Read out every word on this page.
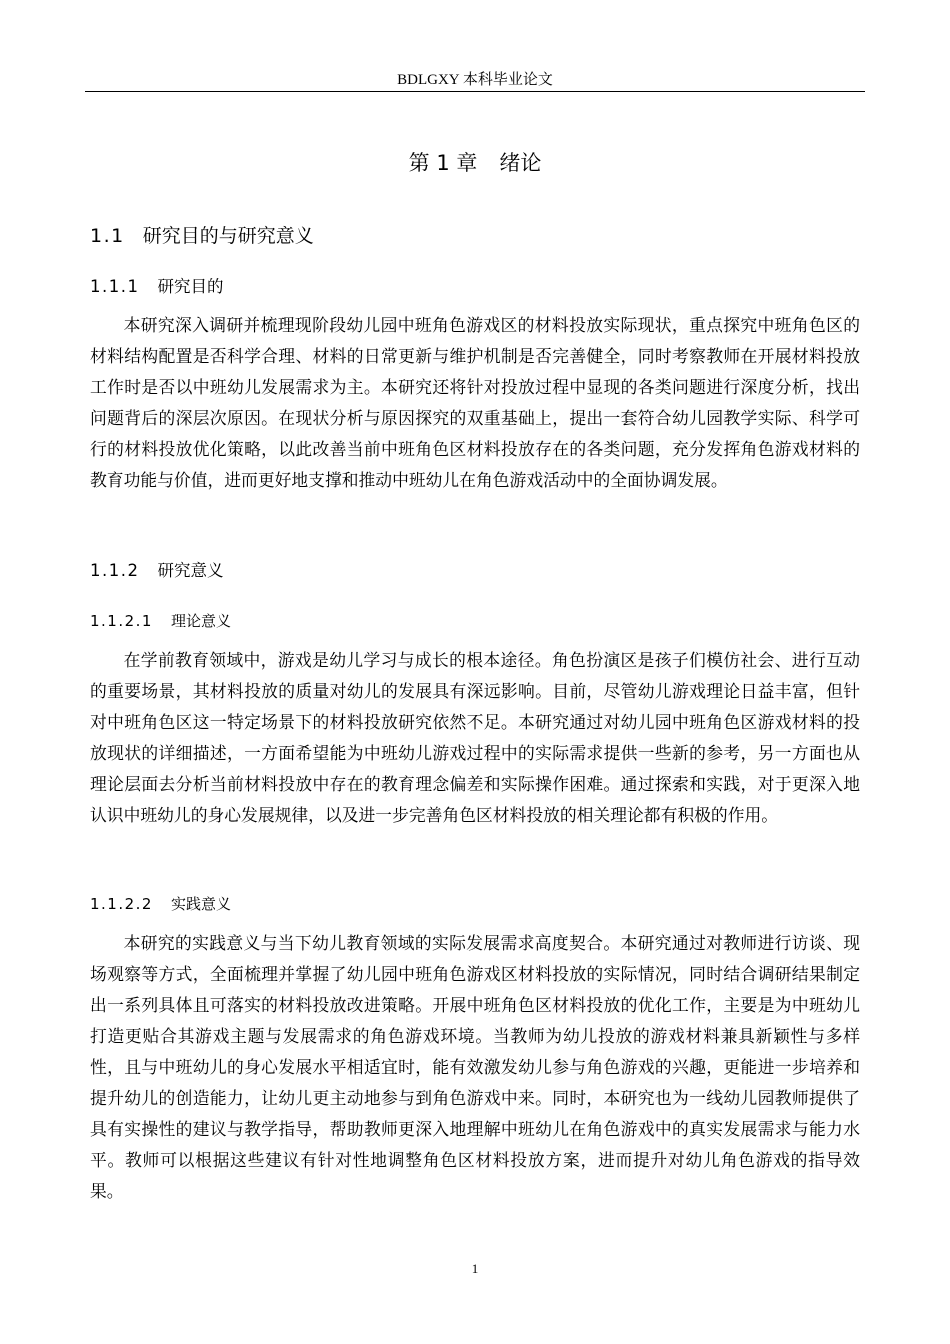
BDLGXY 本科毕业论文
第 1 章 绪论
1.1 研究目的与研究意义
1.1.1 研究目的

本研究深入调研并梳理现阶段幼儿园中班角色游戏区的材料投放实际现状，重点探究中班角色区的材料结构配置是否科学合理、材料的日常更新与维护机制是否完善健全，同时考察教师在开展材料投放工作时是否以中班幼儿发展需求为主。本研究还将针对投放过程中显现的各类问题进行深度分析，找出问题背后的深层次原因。在现状分析与原因探究的双重基础上，提出一套符合幼儿园教学实际、科学可行的材料投放优化策略，以此改善当前中班角色区材料投放存在的各类问题，充分发挥角色游戏材料的教育功能与价值，进而更好地支撑和推动中班幼儿在角色游戏活动中的全面协调发展。

1.1.2 研究意义
1.1.2.1 理论意义

在学前教育领域中，游戏是幼儿学习与成长的根本途径。角色扮演区是孩子们模仿社会、进行互动的重要场景，其材料投放的质量对幼儿的发展具有深远影响。目前，尽管幼儿游戏理论日益丰富，但针对中班角色区这一特定场景下的材料投放研究依然不足。本研究通过对幼儿园中班角色区游戏材料的投放现状的详细描述，一方面希望能为中班幼儿游戏过程中的实际需求提供一些新的参考，另一方面也从理论层面去分析当前材料投放中存在的教育理念偏差和实际操作困难。通过探索和实践，对于更深入地认识中班幼儿的身心发展规律，以及进一步完善角色区材料投放的相关理论都有积极的作用。

1.1.2.2 实践意义

本研究的实践意义与当下幼儿教育领域的实际发展需求高度契合。本研究通过对教师进行访谈、现场观察等方式，全面梳理并掌握了幼儿园中班角色游戏区材料投放的实际情况，同时结合调研结果制定出一系列具体且可落实的材料投放改进策略。开展中班角色区材料投放的优化工作，主要是为中班幼儿打造更贴合其游戏主题与发展需求的角色游戏环境。当教师为幼儿投放的游戏材料兼具新颖性与多样性，且与中班幼儿的身心发展水平相适宜时，能有效激发幼儿参与角色游戏的兴趣，更能进一步培养和提升幼儿的创造能力，让幼儿更主动地参与到角色游戏中来。同时，本研究也为一线幼儿园教师提供了具有实操性的建议与教学指导，帮助教师更深入地理解中班幼儿在角色游戏中的真实发展需求与能力水平。教师可以根据这些建议有针对性地调整角色区材料投放方案，进而提升对幼儿角色游戏的指导效果。

1
